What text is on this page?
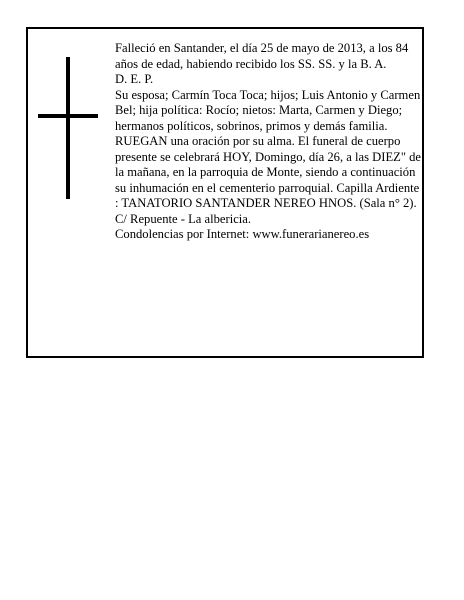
Falleció en Santander, el día 25 de mayo de 2013, a los 84 años de edad, habiendo recibido los SS. SS. y la B. A.

D. E. P.

Su esposa; Carmín Toca Toca; hijos; Luis Antonio y Carmen Bel; hija política: Rocío; nietos: Marta, Carmen y Diego; hermanos políticos, sobrinos, primos y demás familia.

RUEGAN una oración por su alma. El funeral de cuerpo presente se celebrará HOY, Domingo, día 26, a las DIEZ" de la mañana, en la parroquia de Monte, siendo a continuación su inhumación en el cementerio parroquial. Capilla Ardiente : TANATORIO SANTANDER NEREO HNOS. (Sala n° 2). C/ Repuente - La albericia.

Condolencias por Internet: www.funerarianereo.es
